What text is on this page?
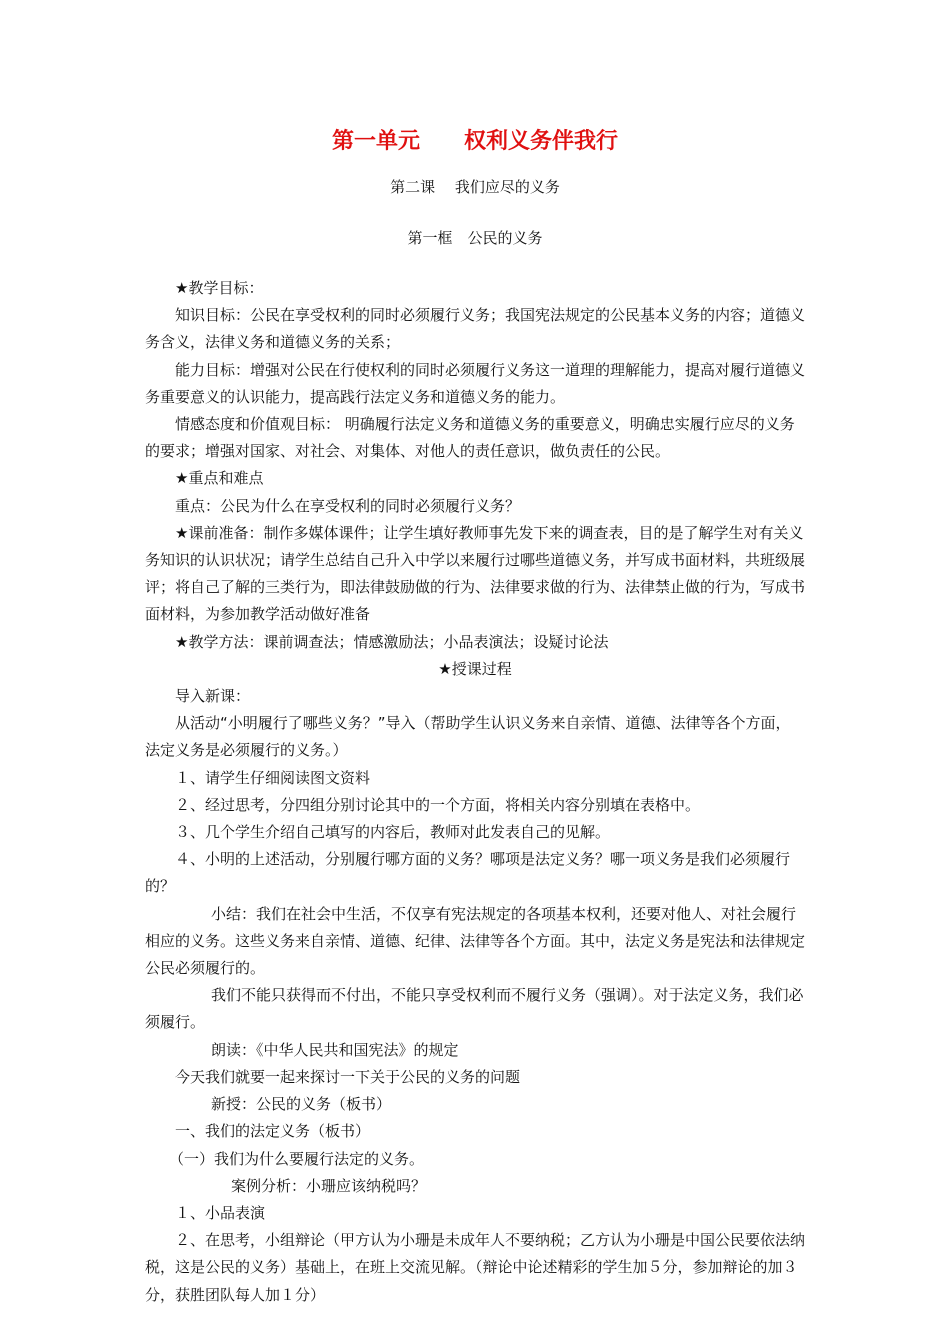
第一单元　　权利义务伴我行
第二课　 我们应尽的义务
第一框　公民的义务

★教学目标：

知识目标：公民在享受权利的同时必须履行义务；我国宪法规定的公民基本义务的内容；道德义务含义，法律义务和道德义务的关系；

能力目标：增强对公民在行使权利的同时必须履行义务这一道理的理解能力，提高对履行道德义务重要意义的认识能力，提高践行法定义务和道德义务的能力。

情感态度和价值观目标： 明确履行法定义务和道德义务的重要意义，明确忠实履行应尽的义务的要求；增强对国家、对社会、对集体、对他人的责任意识，做负责任的公民。

★重点和难点

重点：公民为什么在享受权利的同时必须履行义务？

★课前准备：制作多媒体课件；让学生填好教师事先发下来的调查表，目的是了解学生对有关义务知识的认识状况；请学生总结自己升入中学以来履行过哪些道德义务，并写成书面材料，共班级展评；将自己了解的三类行为，即法律鼓励做的行为、法律要求做的行为、法律禁止做的行为，写成书面材料，为参加教学活动做好准备

★教学方法：课前调查法；情感激励法；小品表演法；设疑讨论法

★授课过程

导入新课：

从活动“小明履行了哪些义务？”导入（帮助学生认识义务来自亲情、道德、法律等各个方面，法定义务是必须履行的义务。）

１、请学生仔细阅读图文资料

２、经过思考，分四组分别讨论其中的一个方面，将相关内容分别填在表格中。

３、几个学生介绍自己填写的内容后，教师对此发表自己的见解。

４、小明的上述活动，分别履行哪方面的义务？哪项是法定义务？哪一项义务是我们必须履行的？

小结：我们在社会中生活，不仅享有宪法规定的各项基本权利，还要对他人、对社会履行相应的义务。这些义务来自亲情、道德、纪律、法律等各个方面。其中，法定义务是宪法和法律规定公民必须履行的。

我们不能只获得而不付出，不能只享受权利而不履行义务（强调）。对于法定义务，我们必须履行。

朗读：《中华人民共和国宪法》的规定

今天我们就要一起来探讨一下关于公民的义务的问题

新授：公民的义务（板书）

一、我们的法定义务（板书）

（一）我们为什么要履行法定的义务。

案例分析：小珊应该纳税吗？

１、小品表演

２、在思考，小组辩论（甲方认为小珊是未成年人不要纳税；乙方认为小珊是中国公民要依法纳税，这是公民的义务）基础上，在班上交流见解。（辩论中论述精彩的学生加５分，参加辩论的加３分，获胜团队每人加１分）
